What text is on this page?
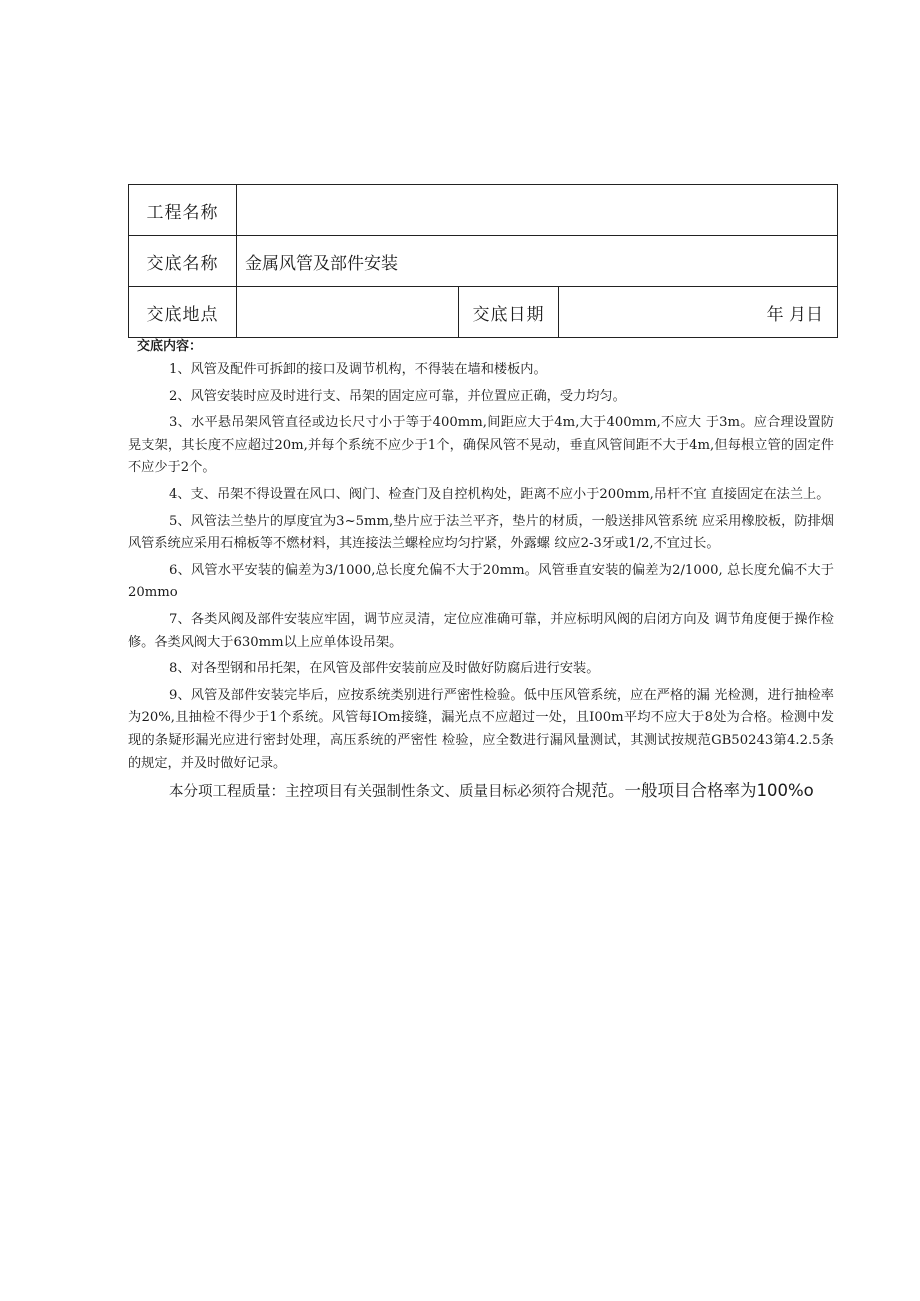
工程名称			
交底名称	金属风管及部件安装		
交底地点		交底日期	年 月日
交底内容：

1、风管及配件可拆卸的接口及调节机构，不得装在墙和楼板内。

2、风管安装时应及时进行支、吊架的固定应可靠，并位置应正确，受力均匀。

3、水平悬吊架风管直径或边长尺寸小于等于400mm,间距应大于4m,大于400mm,不应大 于3m。应合理设置防晃支架，其长度不应超过20m,并每个系统不应少于1个，确保风管不晃动，垂直风管间距不大于4m,但每根立管的固定件不应少于2个。

4、支、吊架不得设置在风口、阀门、检查门及自控机构处，距离不应小于200mm,吊杆不宜 直接固定在法兰上。

5、风管法兰垫片的厚度宜为3~5mm,垫片应于法兰平齐，垫片的材质，一般送排风管系统 应采用橡胶板，防排烟风管系统应采用石棉板等不燃材料，其连接法兰螺栓应均匀拧紧，外露螺 纹应2-3牙或1/2,不宜过长。

6、风管水平安装的偏差为3/1000,总长度允偏不大于20mm。风管垂直安装的偏差为2/1000, 总长度允偏不大于20mmo

7、各类风阀及部件安装应牢固，调节应灵清，定位应准确可靠，并应标明风阀的启闭方向及 调节角度便于操作检修。各类风阀大于630mm以上应单体设吊架。

8、对各型钢和吊托架，在风管及部件安装前应及时做好防腐后进行安装。

9、风管及部件安装完毕后，应按系统类别进行严密性检验。低中压风管系统，应在严格的漏 光检测，进行抽检率为20%,且抽检不得少于1个系统。风管每IOm接缝，漏光点不应超过一处，且I00m平均不应大于8处为合格。检测中发现的条疑形漏光应进行密封处理，高压系统的严密性 检验，应全数进行漏风量测试，其测试按规范GB50243第4.2.5条的规定，并及时做好记录。

本分项工程质量：主控项目有关强制性条文、质量目标必须符合规范。一般项目合格率为100%o
